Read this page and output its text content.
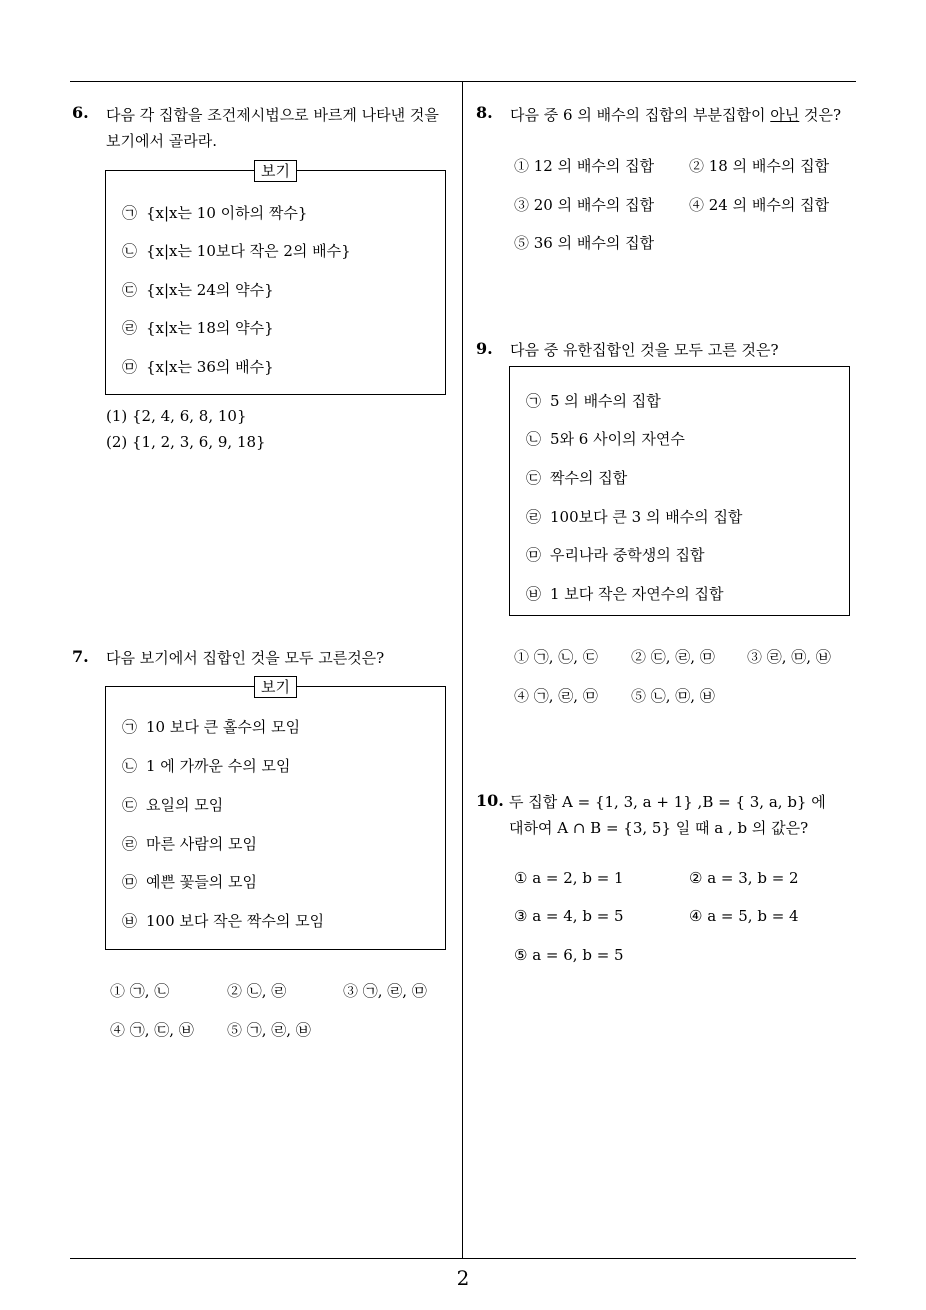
2
6. 다음 각 집합을 조건제시법으로 바르게 나타낸 것을
보기에서 골라라.
보기
㉠ {x|x는 10 이하의 짝수}
㉡ {x|x는 10보다 작은 2의 배수}
㉢ {x|x는 24의 약수}
㉣ {x|x는 18의 약수}
㉤ {x|x는 36의 배수}
(1) {2, 4, 6, 8, 10}
(2) {1, 2, 3, 6, 9, 18}
7. 다음 보기에서 집합인 것을 모두 고른것은?
보기
㉠ 10 보다 큰 홀수의 모임
㉡ 1 에 가까운 수의 모임
㉢ 요일의 모임
㉣ 마른 사람의 모임
㉤ 예쁜 꽃들의 모임
㉥ 100 보다 작은 짝수의 모임
① ㉠, ㉡	② ㉡, ㉣	③ ㉠, ㉣, ㉤
④ ㉠, ㉢, ㉥ ⑤ ㉠, ㉣, ㉥
8. 다음 중 6 의 배수의 집합의 부분집합이 아닌 것은?
① 12 의 배수의 집합 ② 18 의 배수의 집합
③ 20 의 배수의 집합 ④ 24 의 배수의 집합
⑤ 36 의 배수의 집합
9. 다음 중 유한집합인 것을 모두 고른 것은?
㉠ 5 의 배수의 집합
㉡ 5와 6 사이의 자연수
㉢ 짝수의 집합
㉣ 100보다 큰 3 의 배수의 집합
㉤ 우리나라 중학생의 집합
㉥ 1 보다 작은 자연수의 집합
① ㉠, ㉡, ㉢ ② ㉢, ㉣, ㉤ ③ ㉣, ㉤, ㉥
④ ㉠, ㉣, ㉤ ⑤ ㉡, ㉤, ㉥
10. 두 집합 A = {1, 3, a + 1} ,B = { 3, a, b} 에
대하여 A ∩ B = {3, 5} 일 때 a , b 의 값은?
① a = 2, b = 1	② a = 3, b = 2
③ a = 4, b = 5	④ a = 5, b = 4
⑤ a = 6, b = 5
